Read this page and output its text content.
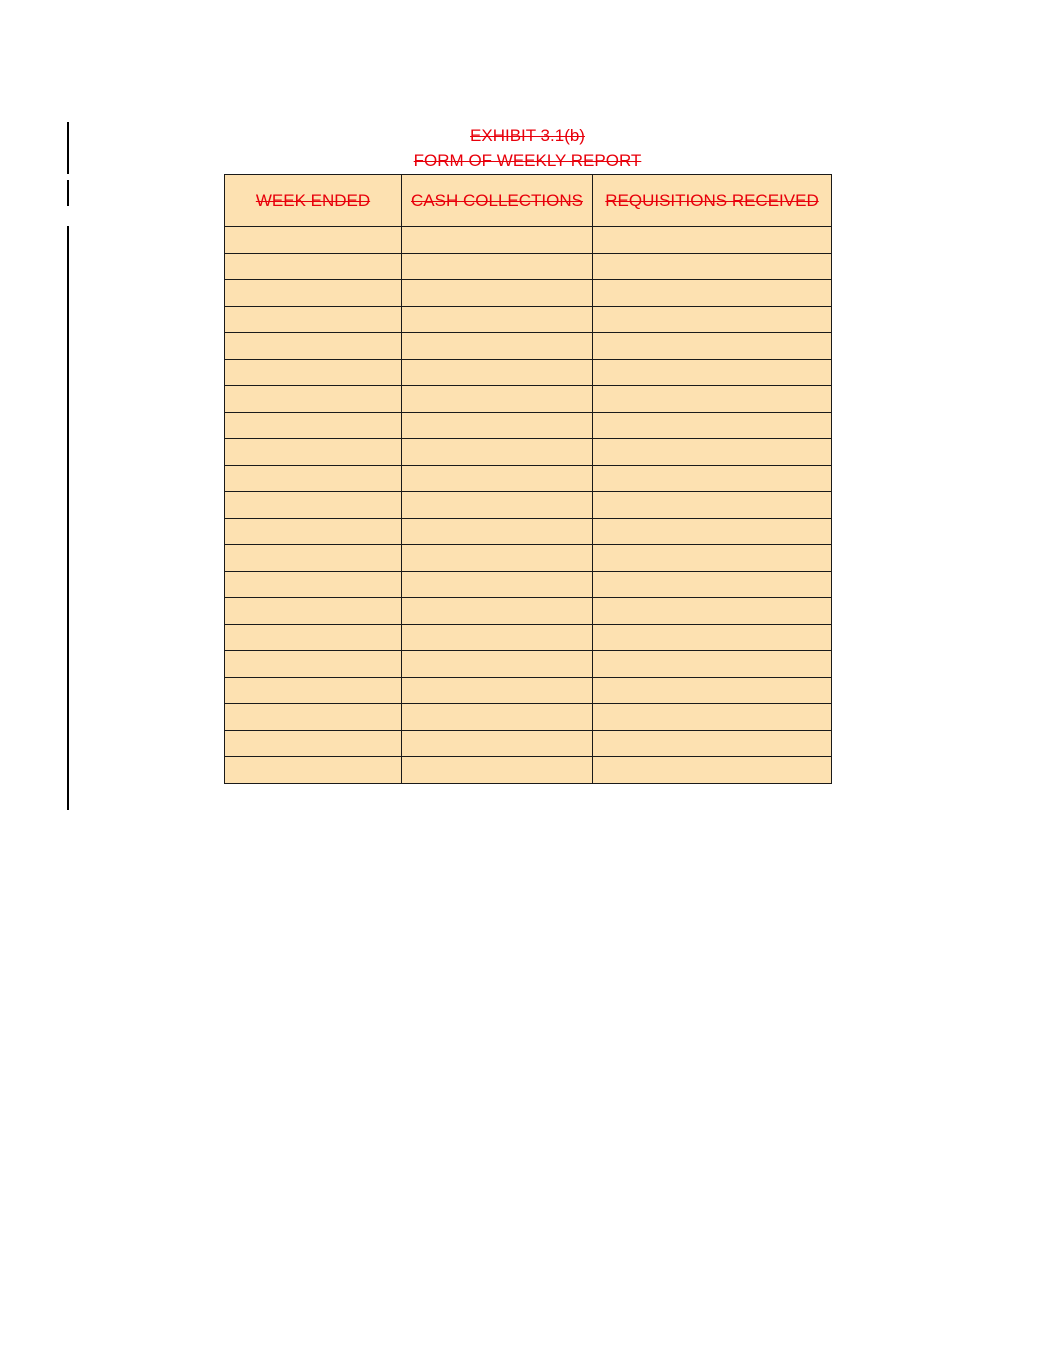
EXHIBIT 3.1(b)
FORM OF WEEKLY REPORT
WEEK ENDED	CASH COLLECTIONS	REQUISITIONS RECEIVED
